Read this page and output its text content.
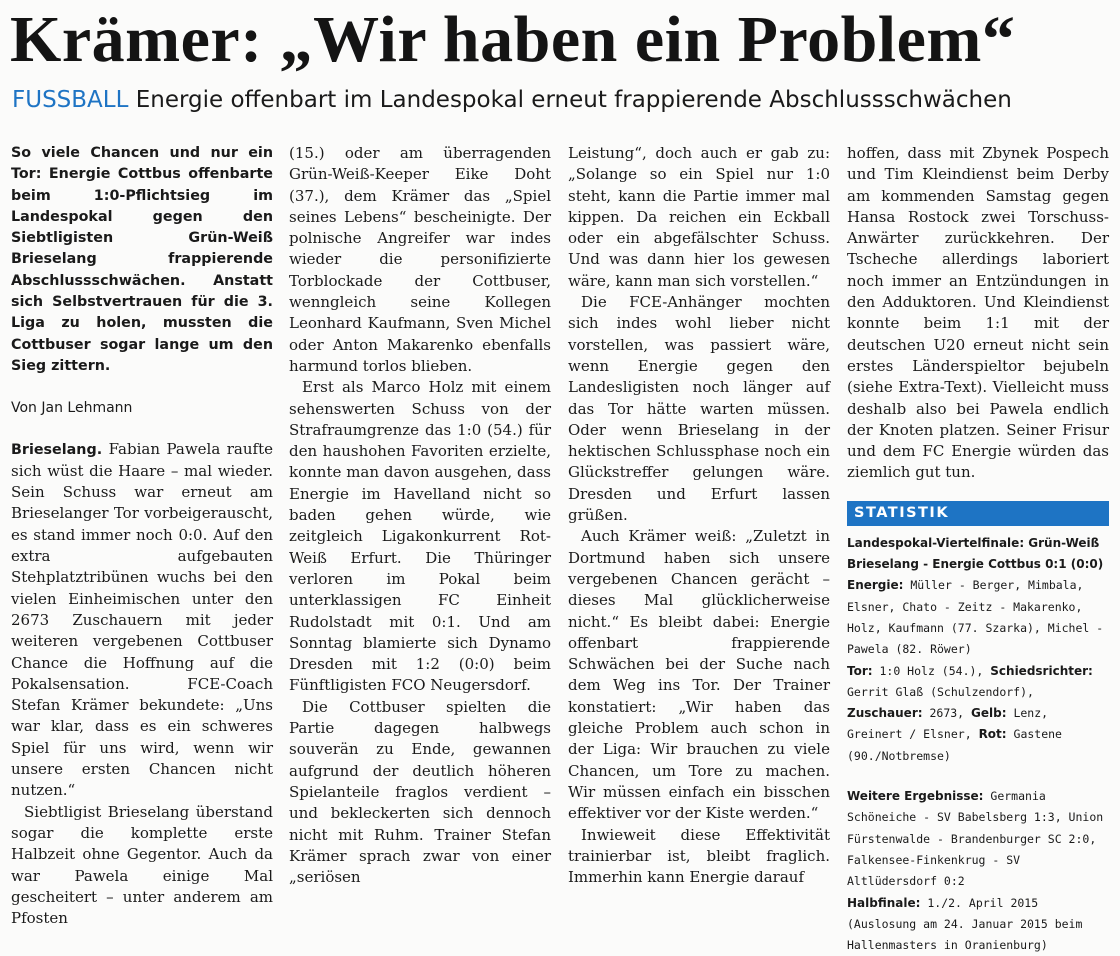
Krämer: „Wir haben ein Problem“
FUSSBALL Energie offenbart im Landespokal erneut frappierende Abschlussschwächen

So viele Chancen und nur ein Tor: Energie Cottbus offenbarte beim 1:0-Pflichtsieg im Landespokal gegen den Siebtligisten Grün-Weiß Brieselang frappierende Abschlussschwächen. Anstatt sich Selbstvertrauen für die 3. Liga zu holen, mussten die Cottbuser sogar lange um den Sieg zittern.

Von Jan Lehmann

Brieselang. Fabian Pawela raufte sich wüst die Haare – mal wieder. Sein Schuss war erneut am Brieselanger Tor vorbeigerauscht, es stand immer noch 0:0. Auf den extra aufgebauten Stehplatztribünen wuchs bei den vielen Einheimischen unter den 2673 Zuschauern mit jeder weiteren vergebenen Cottbuser Chance die Hoffnung auf die Pokalsensation. FCE-Coach Stefan Krämer bekundete: „Uns war klar, dass es ein schweres Spiel für uns wird, wenn wir unsere ersten Chancen nicht nutzen.“

Siebtligist Brieselang überstand sogar die komplette erste Halbzeit ohne Gegentor. Auch da war Pawela einige Mal gescheitert – unter anderem am Pfosten

(15.) oder am überragenden Grün-Weiß-Keeper Eike Doht (37.), dem Krämer das „Spiel seines Lebens“ bescheinigte. Der polnische Angreifer war indes wieder die personifizierte Torblockade der Cottbuser, wenngleich seine Kollegen Leonhard Kaufmann, Sven Michel oder Anton Makarenko ebenfalls harmund torlos blieben.

Erst als Marco Holz mit einem sehenswerten Schuss von der Strafraumgrenze das 1:0 (54.) für den haushohen Favoriten erzielte, konnte man davon ausgehen, dass Energie im Havelland nicht so baden gehen würde, wie zeitgleich Ligakonkurrent Rot-Weiß Erfurt. Die Thüringer verloren im Pokal beim unterklassigen FC Einheit Rudolstadt mit 0:1. Und am Sonntag blamierte sich Dynamo Dresden mit 1:2 (0:0) beim Fünftligisten FCO Neugersdorf.

Die Cottbuser spielten die Partie dagegen halbwegs souverän zu Ende, gewannen aufgrund der deutlich höheren Spielanteile fraglos verdient – und bekleckerten sich dennoch nicht mit Ruhm. Trainer Stefan Krämer sprach zwar von einer „seriösen

Leistung“, doch auch er gab zu: „Solange so ein Spiel nur 1:0 steht, kann die Partie immer mal kippen. Da reichen ein Eckball oder ein abgefälschter Schuss. Und was dann hier los gewesen wäre, kann man sich vorstellen.“

Die FCE-Anhänger mochten sich indes wohl lieber nicht vorstellen, was passiert wäre, wenn Energie gegen den Landesligisten noch länger auf das Tor hätte warten müssen. Oder wenn Brieselang in der hektischen Schlussphase noch ein Glückstreffer gelungen wäre. Dresden und Erfurt lassen grüßen.

Auch Krämer weiß: „Zuletzt in Dortmund haben sich unsere vergebenen Chancen gerächt – dieses Mal glücklicherweise nicht.“ Es bleibt dabei: Energie offenbart frappierende Schwächen bei der Suche nach dem Weg ins Tor. Der Trainer konstatiert: „Wir haben das gleiche Problem auch schon in der Liga: Wir brauchen zu viele Chancen, um Tore zu machen. Wir müssen einfach ein bisschen effektiver vor der Kiste werden.“

Inwieweit diese Effektivität trainierbar ist, bleibt fraglich. Immerhin kann Energie darauf

hoffen, dass mit Zbynek Pospech und Tim Kleindienst beim Derby am kommenden Samstag gegen Hansa Rostock zwei Torschuss-Anwärter zurückkehren. Der Tscheche allerdings laboriert noch immer an Entzündungen in den Adduktoren. Und Kleindienst konnte beim 1:1 mit der deutschen U20 erneut nicht sein erstes Länderspieltor bejubeln (siehe Extra-Text). Vielleicht muss deshalb also bei Pawela endlich der Knoten platzen. Seiner Frisur und dem FC Energie würden das ziemlich gut tun.

STATISTIK

Landespokal-Viertelfinale: Grün-Weiß Brieselang - Energie Cottbus 0:1 (0:0)

Energie: Müller - Berger, Mimbala, Elsner, Chato - Zeitz - Makarenko, Holz, Kaufmann (77. Szarka), Michel - Pawela (82. Röwer)

Tor: 1:0 Holz (54.), Schiedsrichter: Gerrit Glaß (Schulzendorf), Zuschauer: 2673, Gelb: Lenz, Greinert / Elsner, Rot: Gastene (90./Notbremse)

Weitere Ergebnisse: Germania Schöneiche - SV Babelsberg 1:3, Union Fürstenwalde - Brandenburger SC 2:0, Falkensee-Finkenkrug - SV Altlüdersdorf 0:2

Halbfinale: 1./2. April 2015 (Auslosung am 24. Januar 2015 beim Hallenmasters in Oranienburg)
